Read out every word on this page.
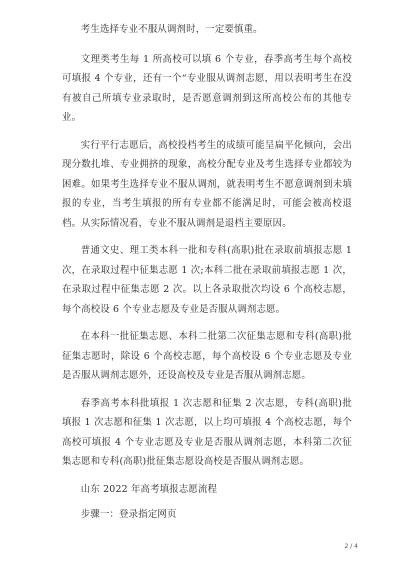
考生选择专业不服从调剂时，一定要慎重。

文理类考生每 1 所高校可以填 6 个专业，春季高考生每个高校可填报 4 个专业，还有一个“专业服从调剂志愿，用以表明考生在没有被自己所填专业录取时，是否愿意调剂到这所高校公布的其他专业。

实行平行志愿后，高校投档考生的成绩可能呈扁平化倾向，会出现分数扎堆、专业拥挤的现象，高校分配专业及考生选择专业都较为困难。如果考生选择专业不服从调剂，就表明考生不愿意调剂到未填报的专业，当考生填报的所有专业都不能满足时，可能会被高校退档。从实际情况看，专业不服从调剂是退档主要原因。

普通文史、理工类本科一批和专科(高职)批在录取前填报志愿 1 次，在录取过程中征集志愿 1 次;本科二批在录取前填报志愿 1 次，在录取过程中征集志愿 2 次。以上各录取批次均设 6 个高校志愿，每个高校设 6 个专业志愿及专业是否服从调剂志愿。

在本科一批征集志愿、本科二批第二次征集志愿和专科(高职)批征集志愿时，除设 6 个高校志愿，每个高校设 6 个专业志愿及专业是否服从调剂志愿外，还设高校及专业是否服从调剂志愿。

春季高考本科批填报 1 次志愿和征集 2 次志愿，专科(高职)批填报 1 次志愿和征集 1 次志愿，以上均可填报 4 个高校志愿，每个高校可填报 4 个专业志愿及专业是否服从调剂志愿，本科第二次征集志愿和专科(高职)批征集志愿设高校是否服从调剂志愿。

山东 2022 年高考填报志愿流程

步骤一：登录指定网页

2 / 4
